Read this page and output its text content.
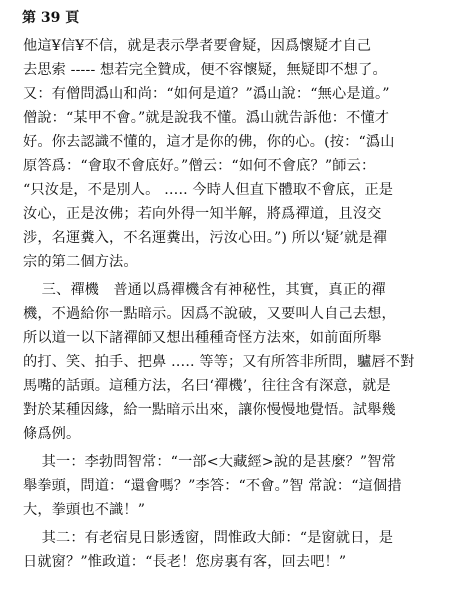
第 39 頁
他這¥信¥不信，就是表示學者要會疑，因爲懷疑才自己
去思索 ----- 想若完全贊成，便不容懷疑，無疑即不想了。
又：有僧問潙山和尚：“如何是道？”潙山說：“無心是道。”
僧說：“某甲不會。”就是說我不懂。潙山就告訴他：不懂才
好。你去認識不懂的，這才是你的佛，你的心。(按：“潙山
原答爲：“會取不會底好。”僧云：“如何不會底？”師云：
“只汝是，不是別人。 ….. 今時人但直下體取不會底，正是
汝心，正是汝佛；若向外得一知半解，將爲禪道，且沒交
涉，名運糞入，不名運糞出，污汝心田。”) 所以‘疑’就是禪
宗的第二個方法。
三、禪機　普通以爲禪機含有神秘性，其實，真正的禪
機，不過給你一點暗示。因爲不說破，又要叫人自己去想，
所以道一以下諸禪師又想出種種奇怪方法來，如前面所舉
的打、笑、拍手、把鼻 ….. 等等；又有所答非所問，驢唇不對
馬嘴的話頭。這種方法，名曰‘禪機’，往往含有深意，就是
對於某種因緣，給一點暗示出來，讓你慢慢地覺悟。試舉幾
條爲例。
其一：李勃問智常：“一部<大藏經>說的是甚麼？”智常
舉拳頭，問道：“還會嗎？”李答：“不會。”智 常說：“這個措
大，拳頭也不識！”
其二：有老宿見日影透窗，問惟政大師：“是窗就日，是
日就窗？”惟政道：“長老！您房裏有客，回去吧！”
